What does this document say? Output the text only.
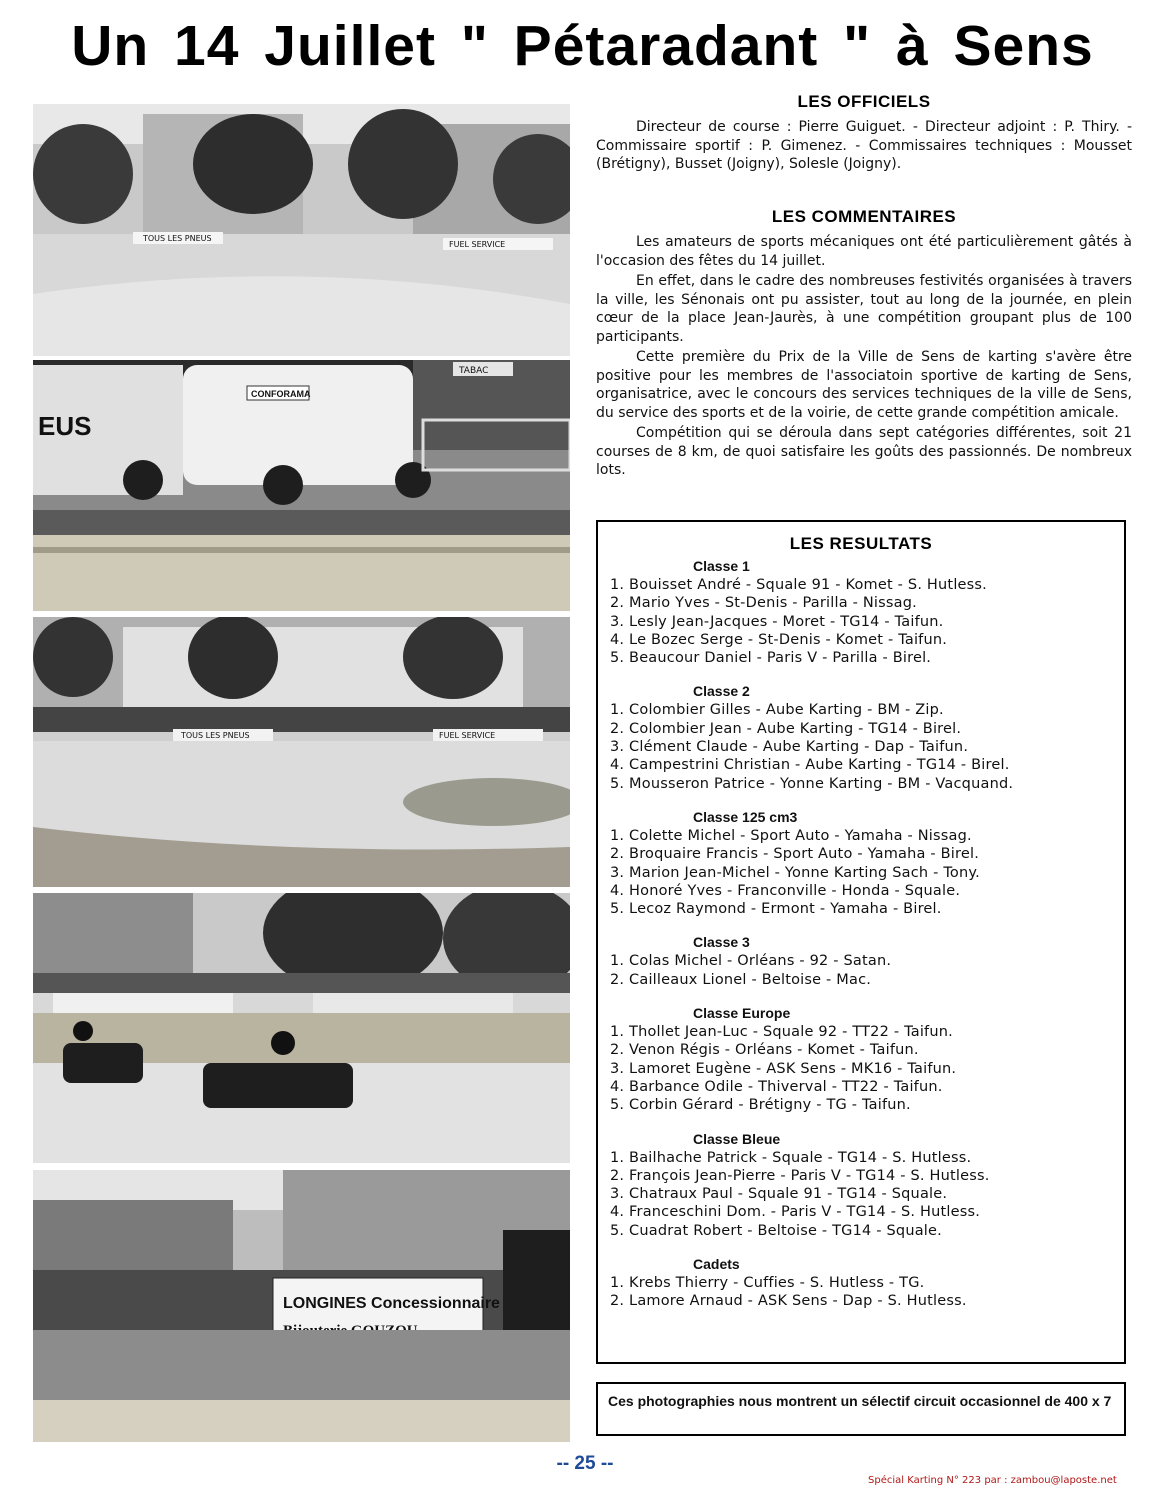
Un 14 Juillet " Pétaradant " à Sens
TOUS LES PNEUS
FUEL SERVICE
TABAC
EUS
CONFORAMA
TOUS LES PNEUS	FUEL SERVICE
LONGINES Concessionnaire
LES OFFICIELS

Directeur de course : Pierre Guiguet. - Directeur adjoint : P. Thiry. - Commissaire sportif : P. Gimenez. - Commissaires techniques : Mousset (Brétigny), Busset (Joigny), Solesle (Joigny).

LES COMMENTAIRES

Les amateurs de sports mécaniques ont été particulièrement gâtés à l'occasion des fêtes du 14 juillet.

En effet, dans le cadre des nombreuses festivités organisées à travers la ville, les Sénonais ont pu assister, tout au long de la journée, en plein cœur de la place Jean-Jaurès, à une compétition groupant plus de 100 participants.

Cette première du Prix de la Ville de Sens de karting s'avère être positive pour les membres de l'associatoin sportive de karting de Sens, organisatrice, avec le concours des services techniques de la ville de Sens, du service des sports et de la voirie, de cette grande compétition amicale.

Compétition qui se déroula dans sept catégories différentes, soit 21 courses de 8 km, de quoi satisfaire les goûts des passionnés. De nombreux lots.

LES RESULTATS
Classe 1
1. Bouisset André - Squale 91 - Komet - S. Hutless.
2. Mario Yves - St-Denis - Parilla - Nissag.
3. Lesly Jean-Jacques - Moret - TG14 - Taifun.
4. Le Bozec Serge - St-Denis - Komet - Taifun.
5. Beaucour Daniel - Paris V - Parilla - Birel.
Classe 2
1. Colombier Gilles - Aube Karting - BM - Zip.
2. Colombier Jean - Aube Karting - TG14 - Birel.
3. Clément Claude - Aube Karting - Dap - Taifun.
4. Campestrini Christian - Aube Karting - TG14 - Birel.
5. Mousseron Patrice - Yonne Karting - BM - Vacquand.
Classe 125 cm3
1. Colette Michel - Sport Auto - Yamaha - Nissag.
2. Broquaire Francis - Sport Auto - Yamaha - Birel.
3. Marion Jean-Michel - Yonne Karting Sach - Tony.
4. Honoré Yves - Franconville - Honda - Squale.
5. Lecoz Raymond - Ermont - Yamaha - Birel.
Classe 3
1. Colas Michel - Orléans - 92 - Satan.
2. Cailleaux Lionel - Beltoise - Mac.
Classe Europe
1. Thollet Jean-Luc - Squale 92 - TT22 - Taifun.
2. Venon Régis - Orléans - Komet - Taifun.
3. Lamoret Eugène - ASK Sens - MK16 - Taifun.
4. Barbance Odile - Thiverval - TT22 - Taifun.
5. Corbin Gérard - Brétigny - TG - Taifun.
Classe Bleue
1. Bailhache Patrick - Squale - TG14 - S. Hutless.
2. François Jean-Pierre - Paris V - TG14 - S. Hutless.
3. Chatraux Paul - Squale 91 - TG14 - Squale.
4. Franceschini Dom. - Paris V - TG14 - S. Hutless.
5. Cuadrat Robert - Beltoise - TG14 - Squale.
Cadets
1. Krebs Thierry - Cuffies - S. Hutless - TG.
2. Lamore Arnaud - ASK Sens - Dap - S. Hutless.
Ces photographies nous montrent un sélectif circuit occasionnel de 400 x 7
-- 25 --
Spécial Karting N° 223 par : zambou@laposte.net
